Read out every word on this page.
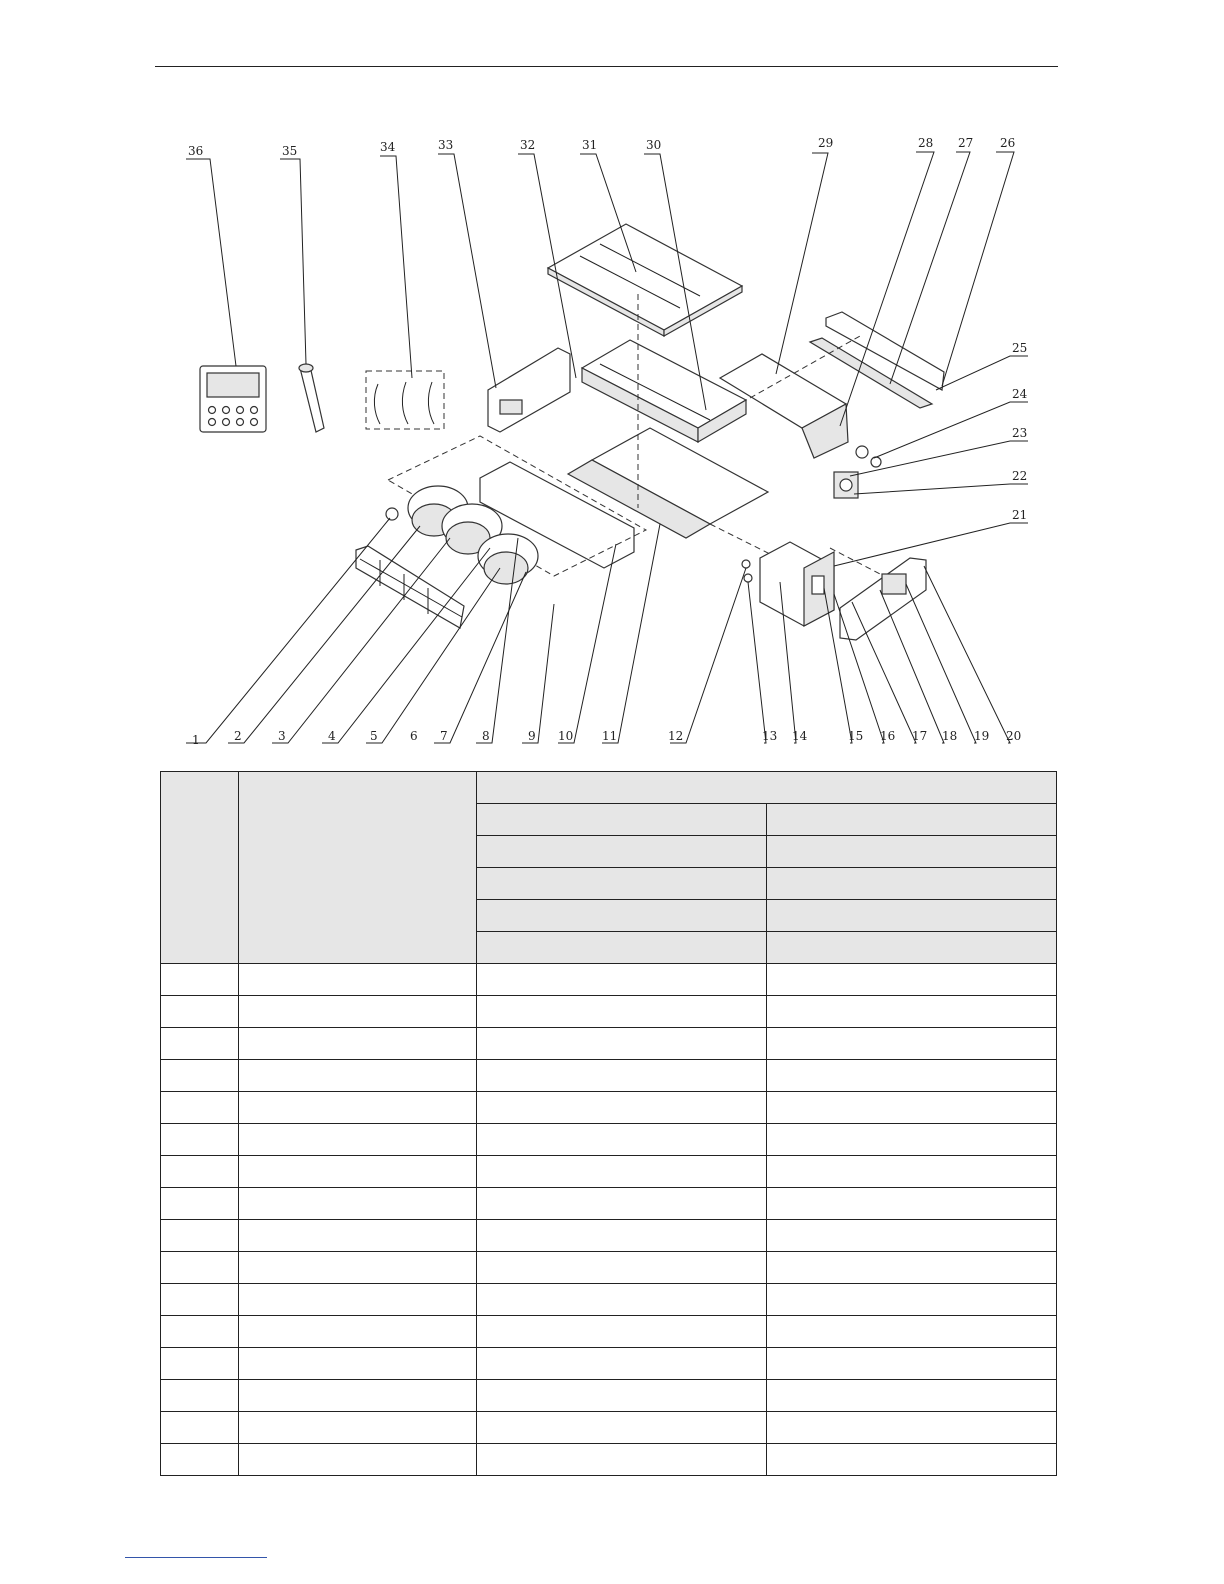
36	35	34	33	32	31	30	29	28 27 26
25
24
23
22
21
1	2	3	4	5	6 7	8	9 10 11	12	13 14	15 16 17 18 19 20
